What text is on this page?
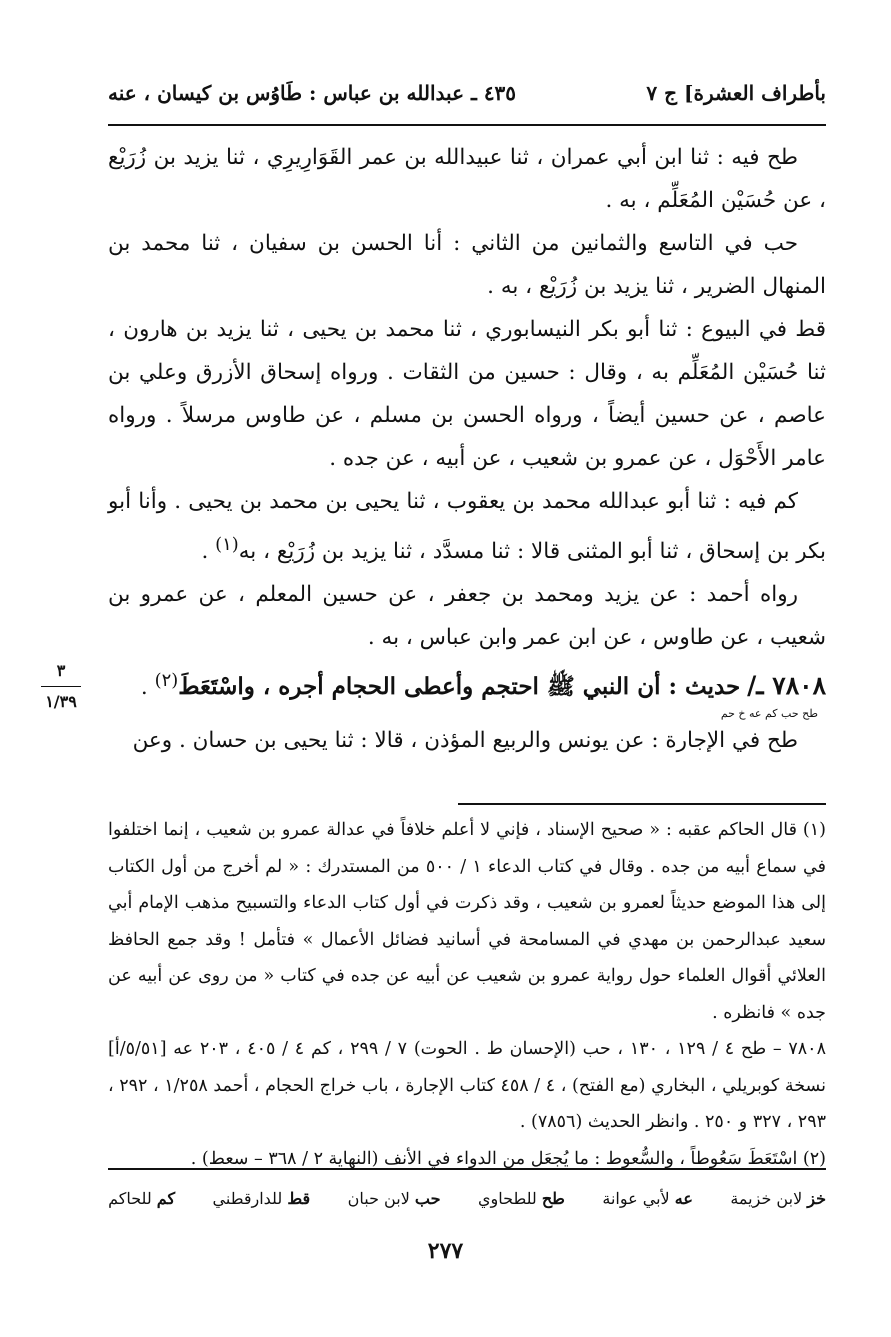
بأطراف العشرة] ج ٧
٤٣٥ ـ عبدالله بن عباس : طَاوُس بن كيسان ، عنه

طح فيه : ثنا ابن أبي عمران ، ثنا عبيدالله بن عمر القَوَارِيرِي ، ثنا يزيد بن زُرَيْع ، عن حُسَيْن المُعَلِّم ، به .

حب في التاسع والثمانين من الثاني : أنا الحسن بن سفيان ، ثنا محمد بن المنهال الضرير ، ثنا يزيد بن زُرَيْع ، به .

قط في البيوع : ثنا أبو بكر النيسابوري ، ثنا محمد بن يحيى ، ثنا يزيد بن هارون ، ثنا حُسَيْن المُعَلِّم به ، وقال : حسين من الثقات . ورواه إسحاق الأزرق وعلي بن عاصم ، عن حسين أيضاً ، ورواه الحسن بن مسلم ، عن طاوس مرسلاً . ورواه عامر الأَحْوَل ، عن عمرو بن شعيب ، عن أبيه ، عن جده .

كم فيه : ثنا أبو عبدالله محمد بن يعقوب ، ثنا يحيى بن محمد بن يحيى . وأنا أبو بكر بن إسحاق ، ثنا أبو المثنى قالا : ثنا مسدَّد ، ثنا يزيد بن زُرَيْع ، به$^{(١)}$ .

رواه أحمد : عن يزيد ومحمد بن جعفر ، عن حسين المعلم ، عن عمرو بن شعيب ، عن طاوس ، عن ابن عمر وابن عباس ، به .

٧٨٠٨ ـ/ حديث : أن النبي ﷺ احتجم وأعطى الحجام أجره ، واسْتَعَطَ$^{(٢)}$ .

طح حب كم عه خ حم

طح في الإجارة : عن يونس والربيع المؤذن ، قالا : ثنا يحيى بن حسان . وعن

٣
١/٣٩

(١) قال الحاكم عقبه : « صحيح الإسناد ، فإني لا أعلم خلافاً في عدالة عمرو بن شعيب ، إنما اختلفوا في سماع أبيه من جده . وقال في كتاب الدعاء ١ / ٥٠٠ من المستدرك : « لم أخرج من أول الكتاب إلى هذا الموضع حديثاً لعمرو بن شعيب ، وقد ذكرت في أول كتاب الدعاء والتسبيح مذهب الإمام أبي سعيد عبدالرحمن بن مهدي في المسامحة في أسانيد فضائل الأعمال » فتأمل ! وقد جمع الحافظ العلائي أقوال العلماء حول رواية عمرو بن شعيب عن أبيه عن جده في كتاب « من روى عن أبيه عن جده » فانظره .

٧٨٠٨ – طح ٤ / ١٢٩ ، ١٣٠ ، حب (الإحسان ط . الحوت) ٧ / ٢٩٩ ، كم ٤ / ٤٠٥ ، ٢٠٣ عه [٥/٥١/أ] نسخة كوبريلي ، البخاري (مع الفتح) ، ٤ / ٤٥٨ كتاب الإجارة ، باب خراج الحجام ، أحمد ١/٢٥٨ ، ٢٩٢ ، ٢٩٣ ، ٣٢٧ و ٢٥٠ . وانظر الحديث (٧٨٥٦) .

(٢) اسْتَعَطَ سَعُوطاً ، والسُّعوط : ما يُجعَل من الدواء في الأنف (النهاية ٢ / ٣٦٨ – سعط) .

خز لابن خزيمة
عه لأبي عوانة
طح للطحاوي
حب لابن حبان
قط للدارقطني
كم للحاكم
٢٧٧
